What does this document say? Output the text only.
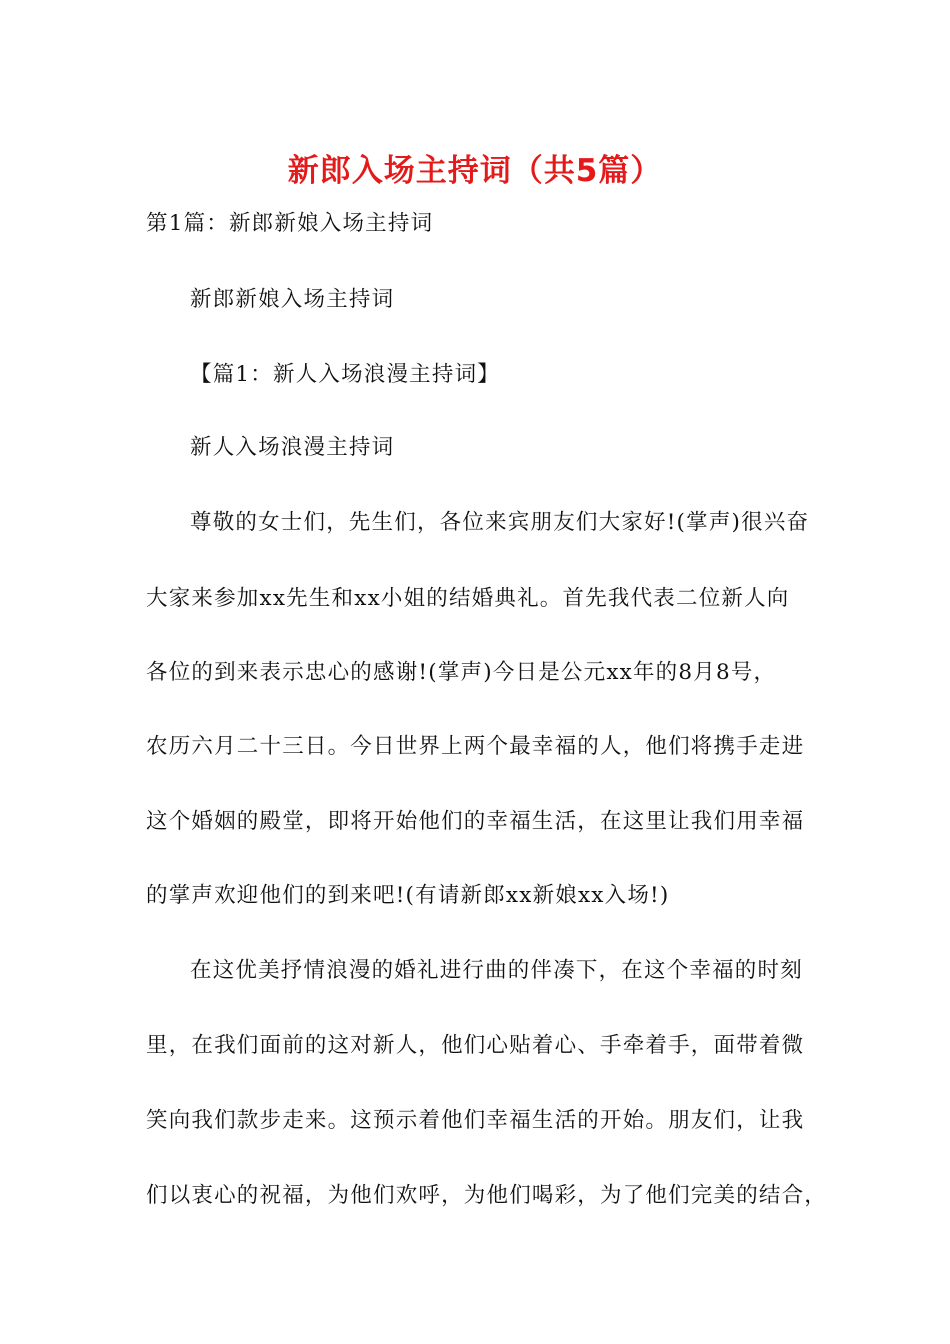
新郎入场主持词（共5篇）
第1篇：新郎新娘入场主持词
新郎新娘入场主持词
【篇1：新人入场浪漫主持词】
新人入场浪漫主持词
尊敬的女士们，先生们，各位来宾朋友们大家好!(掌声)很兴奋
大家来参加xx先生和xx小姐的结婚典礼。首先我代表二位新人向
各位的到来表示忠心的感谢!(掌声)今日是公元xx年的8月8号，
农历六月二十三日。今日世界上两个最幸福的人，他们将携手走进
这个婚姻的殿堂，即将开始他们的幸福生活，在这里让我们用幸福
的掌声欢迎他们的到来吧!(有请新郎xx新娘xx入场!)
在这优美抒情浪漫的婚礼进行曲的伴凑下，在这个幸福的时刻
里，在我们面前的这对新人，他们心贴着心、手牵着手，面带着微
笑向我们款步走来。这预示着他们幸福生活的开始。朋友们，让我
们以衷心的祝福，为他们欢呼，为他们喝彩，为了他们完美的结合，
